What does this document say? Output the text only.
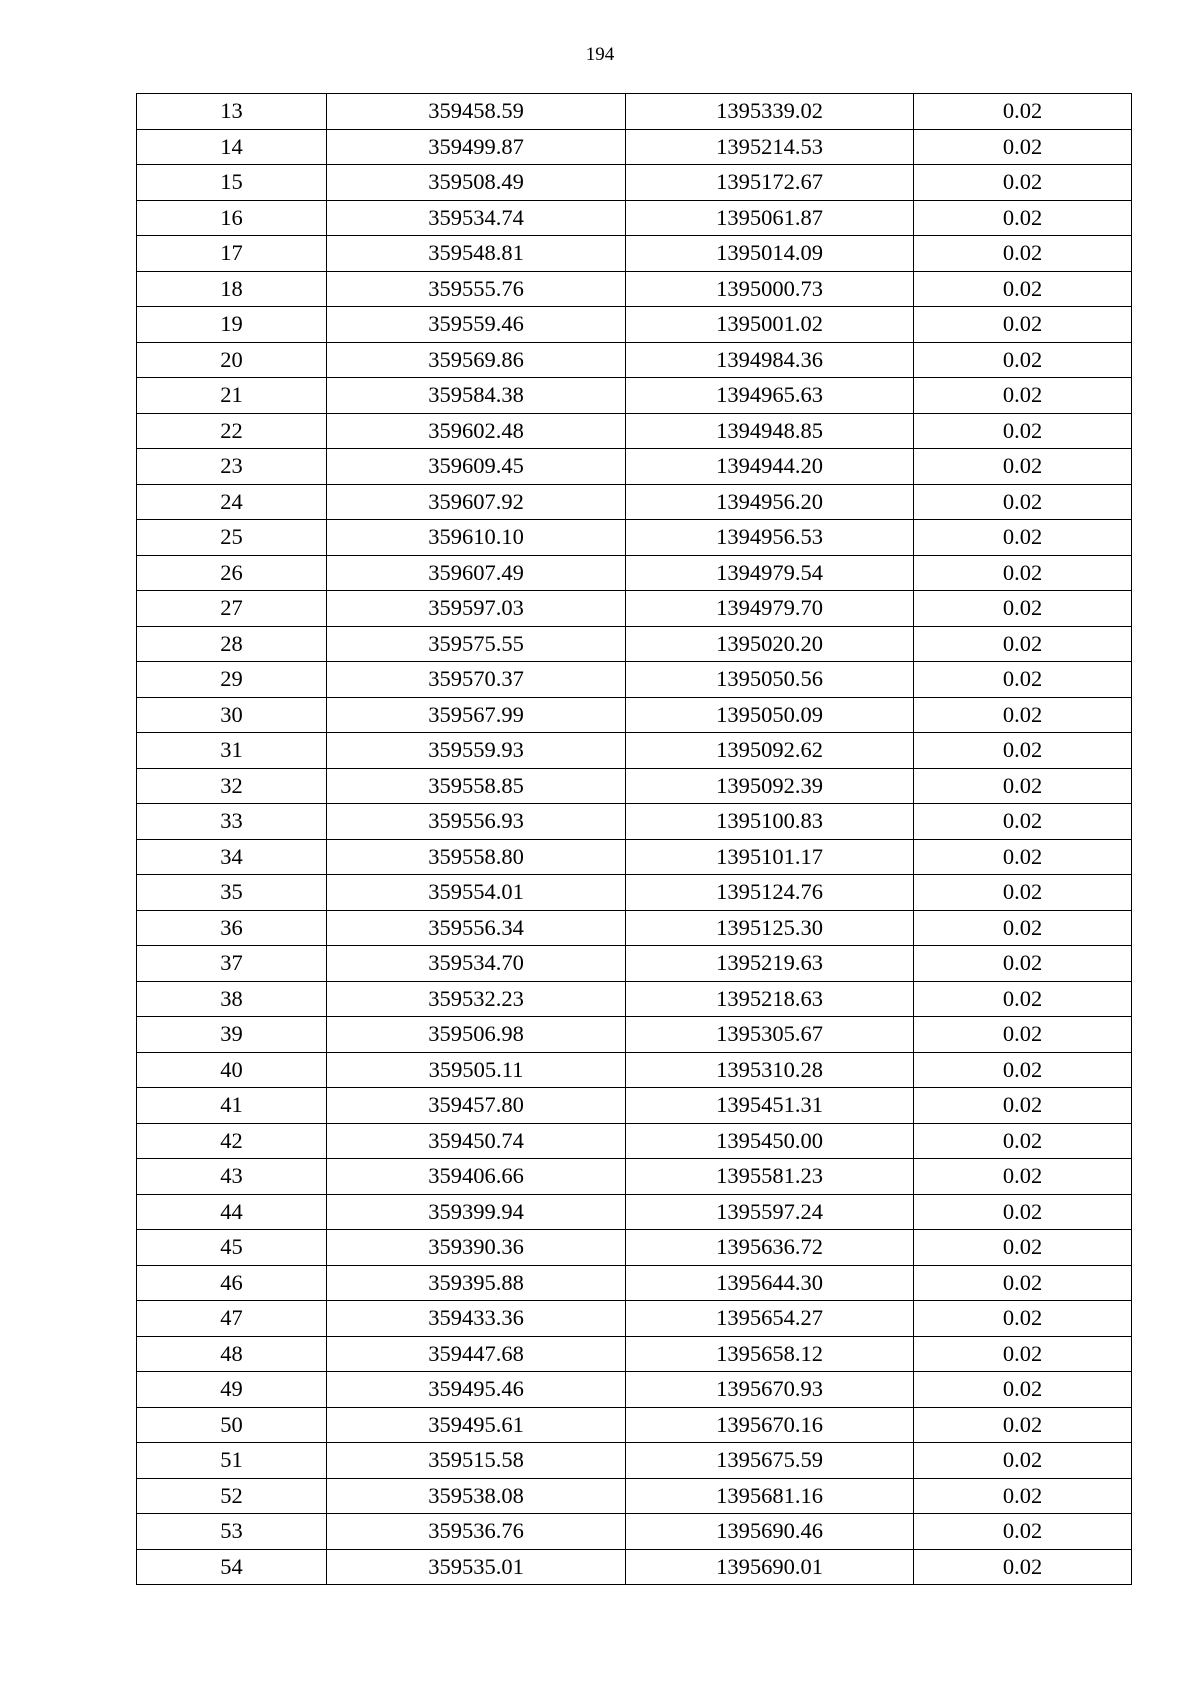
194
13	359458.59	1395339.02	0.02
14	359499.87	1395214.53	0.02
15	359508.49	1395172.67	0.02
16	359534.74	1395061.87	0.02
17	359548.81	1395014.09	0.02
18	359555.76	1395000.73	0.02
19	359559.46	1395001.02	0.02
20	359569.86	1394984.36	0.02
21	359584.38	1394965.63	0.02
22	359602.48	1394948.85	0.02
23	359609.45	1394944.20	0.02
24	359607.92	1394956.20	0.02
25	359610.10	1394956.53	0.02
26	359607.49	1394979.54	0.02
27	359597.03	1394979.70	0.02
28	359575.55	1395020.20	0.02
29	359570.37	1395050.56	0.02
30	359567.99	1395050.09	0.02
31	359559.93	1395092.62	0.02
32	359558.85	1395092.39	0.02
33	359556.93	1395100.83	0.02
34	359558.80	1395101.17	0.02
35	359554.01	1395124.76	0.02
36	359556.34	1395125.30	0.02
37	359534.70	1395219.63	0.02
38	359532.23	1395218.63	0.02
39	359506.98	1395305.67	0.02
40	359505.11	1395310.28	0.02
41	359457.80	1395451.31	0.02
42	359450.74	1395450.00	0.02
43	359406.66	1395581.23	0.02
44	359399.94	1395597.24	0.02
45	359390.36	1395636.72	0.02
46	359395.88	1395644.30	0.02
47	359433.36	1395654.27	0.02
48	359447.68	1395658.12	0.02
49	359495.46	1395670.93	0.02
50	359495.61	1395670.16	0.02
51	359515.58	1395675.59	0.02
52	359538.08	1395681.16	0.02
53	359536.76	1395690.46	0.02
54	359535.01	1395690.01	0.02
